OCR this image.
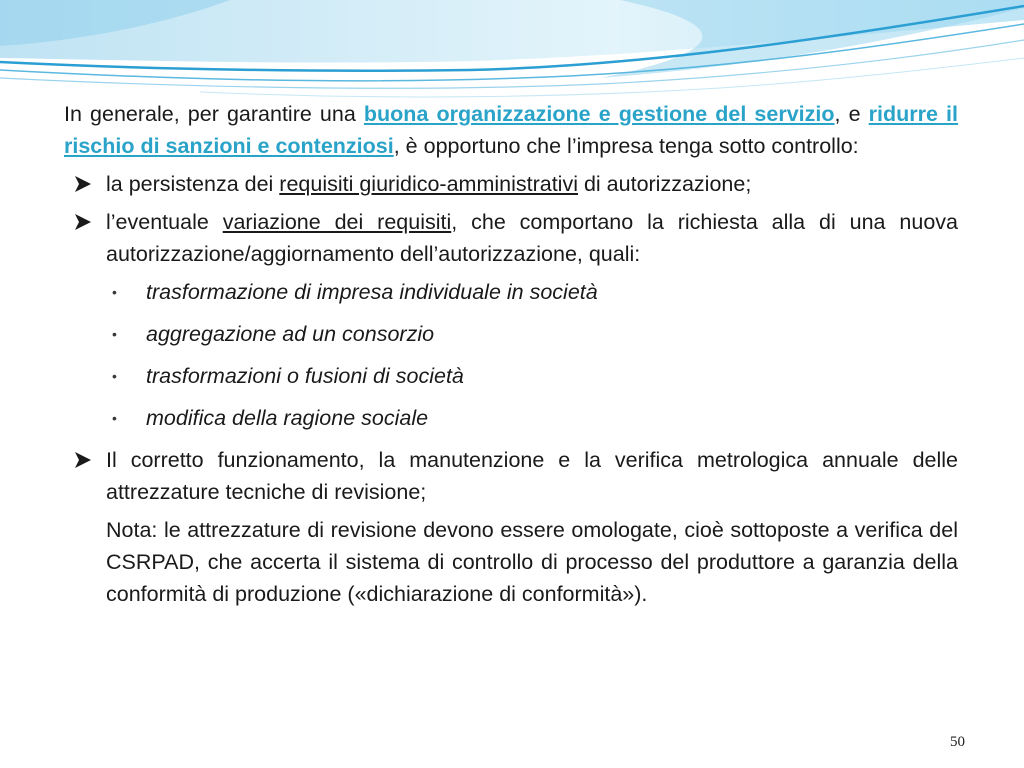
In generale, per garantire una buona organizzazione e gestione del servizio, e ridurre il rischio di sanzioni e contenziosi, è opportuno che l’impresa tenga sotto controllo:

la persistenza dei requisiti giuridico-amministrativi di autorizzazione;
l’eventuale variazione dei requisiti, che comportano la richiesta alla di una nuova autorizzazione/aggiornamento dell’autorizzazione, quali:
• trasformazione di impresa individuale in società
• aggregazione ad un consorzio
• trasformazioni o fusioni di società
• modifica della ragione sociale
Il corretto funzionamento, la manutenzione e la verifica metrologica annuale delle attrezzature tecniche di revisione;

Nota: le attrezzature di revisione devono essere omologate, cioè sottoposte a verifica del CSRPAD, che accerta il sistema di controllo di processo del produttore a garanzia della conformità di produzione («dichiarazione di conformità»).

50
